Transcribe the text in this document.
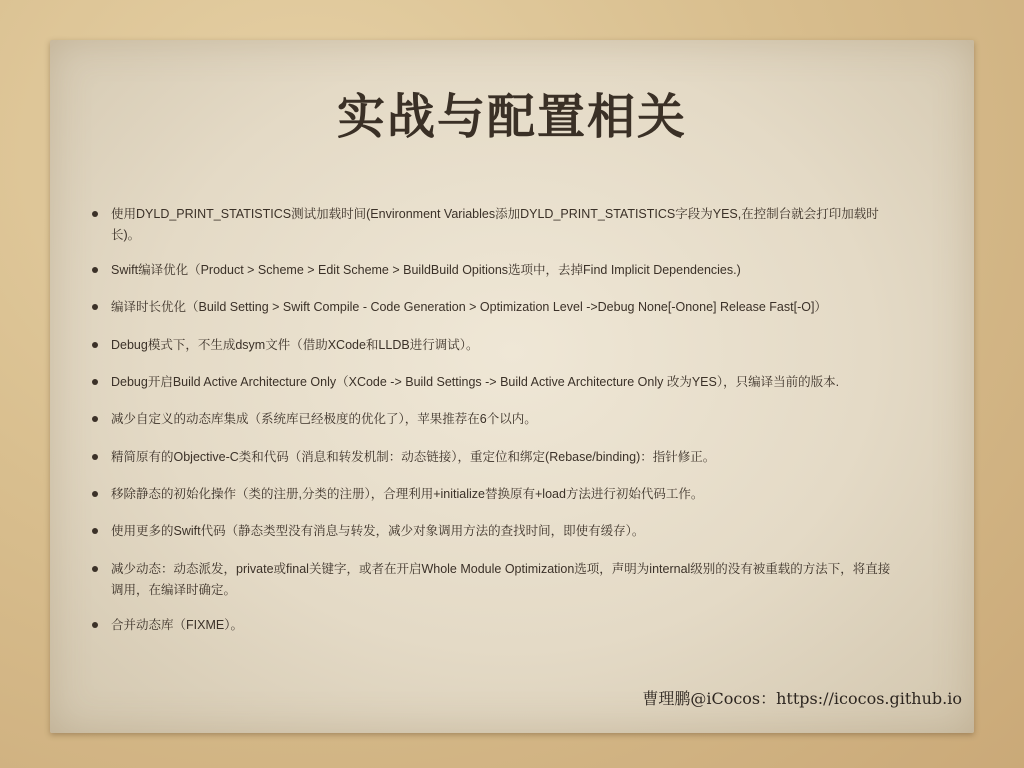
实战与配置相关
使用DYLD_PRINT_STATISTICS测试加载时间(Environment Variables添加DYLD_PRINT_STATISTICS字段为YES,在控制台就会打印加载时长)。
Swift编译优化（Product > Scheme > Edit Scheme > BuildBuild Opitions选项中，去掉Find Implicit Dependencies.)
编译时长优化（Build Setting > Swift Compile - Code Generation > Optimization Level ->Debug None[-Onone] Release Fast[-O]）
Debug模式下，不生成dsym文件（借助XCode和LLDB进行调试）。
Debug开启Build Active Architecture Only（XCode -> Build Settings -> Build Active Architecture Only 改为YES），只编译当前的版本.
减少自定义的动态库集成（系统库已经极度的优化了），苹果推荐在6个以内。
精简原有的Objective-C类和代码（消息和转发机制：动态链接），重定位和绑定(Rebase/binding)：指针修正。
移除静态的初始化操作（类的注册,分类的注册），合理利用+initialize替换原有+load方法进行初始代码工作。
使用更多的Swift代码（静态类型没有消息与转发，减少对象调用方法的查找时间，即使有缓存）。
减少动态：动态派发，private或final关键字，或者在开启Whole Module Optimization选项，声明为internal级别的没有被重载的方法下，将直接调用，在编译时确定。
合并动态库（FIXME）。
曹理鹏@iCocos：https://icocos.github.io
